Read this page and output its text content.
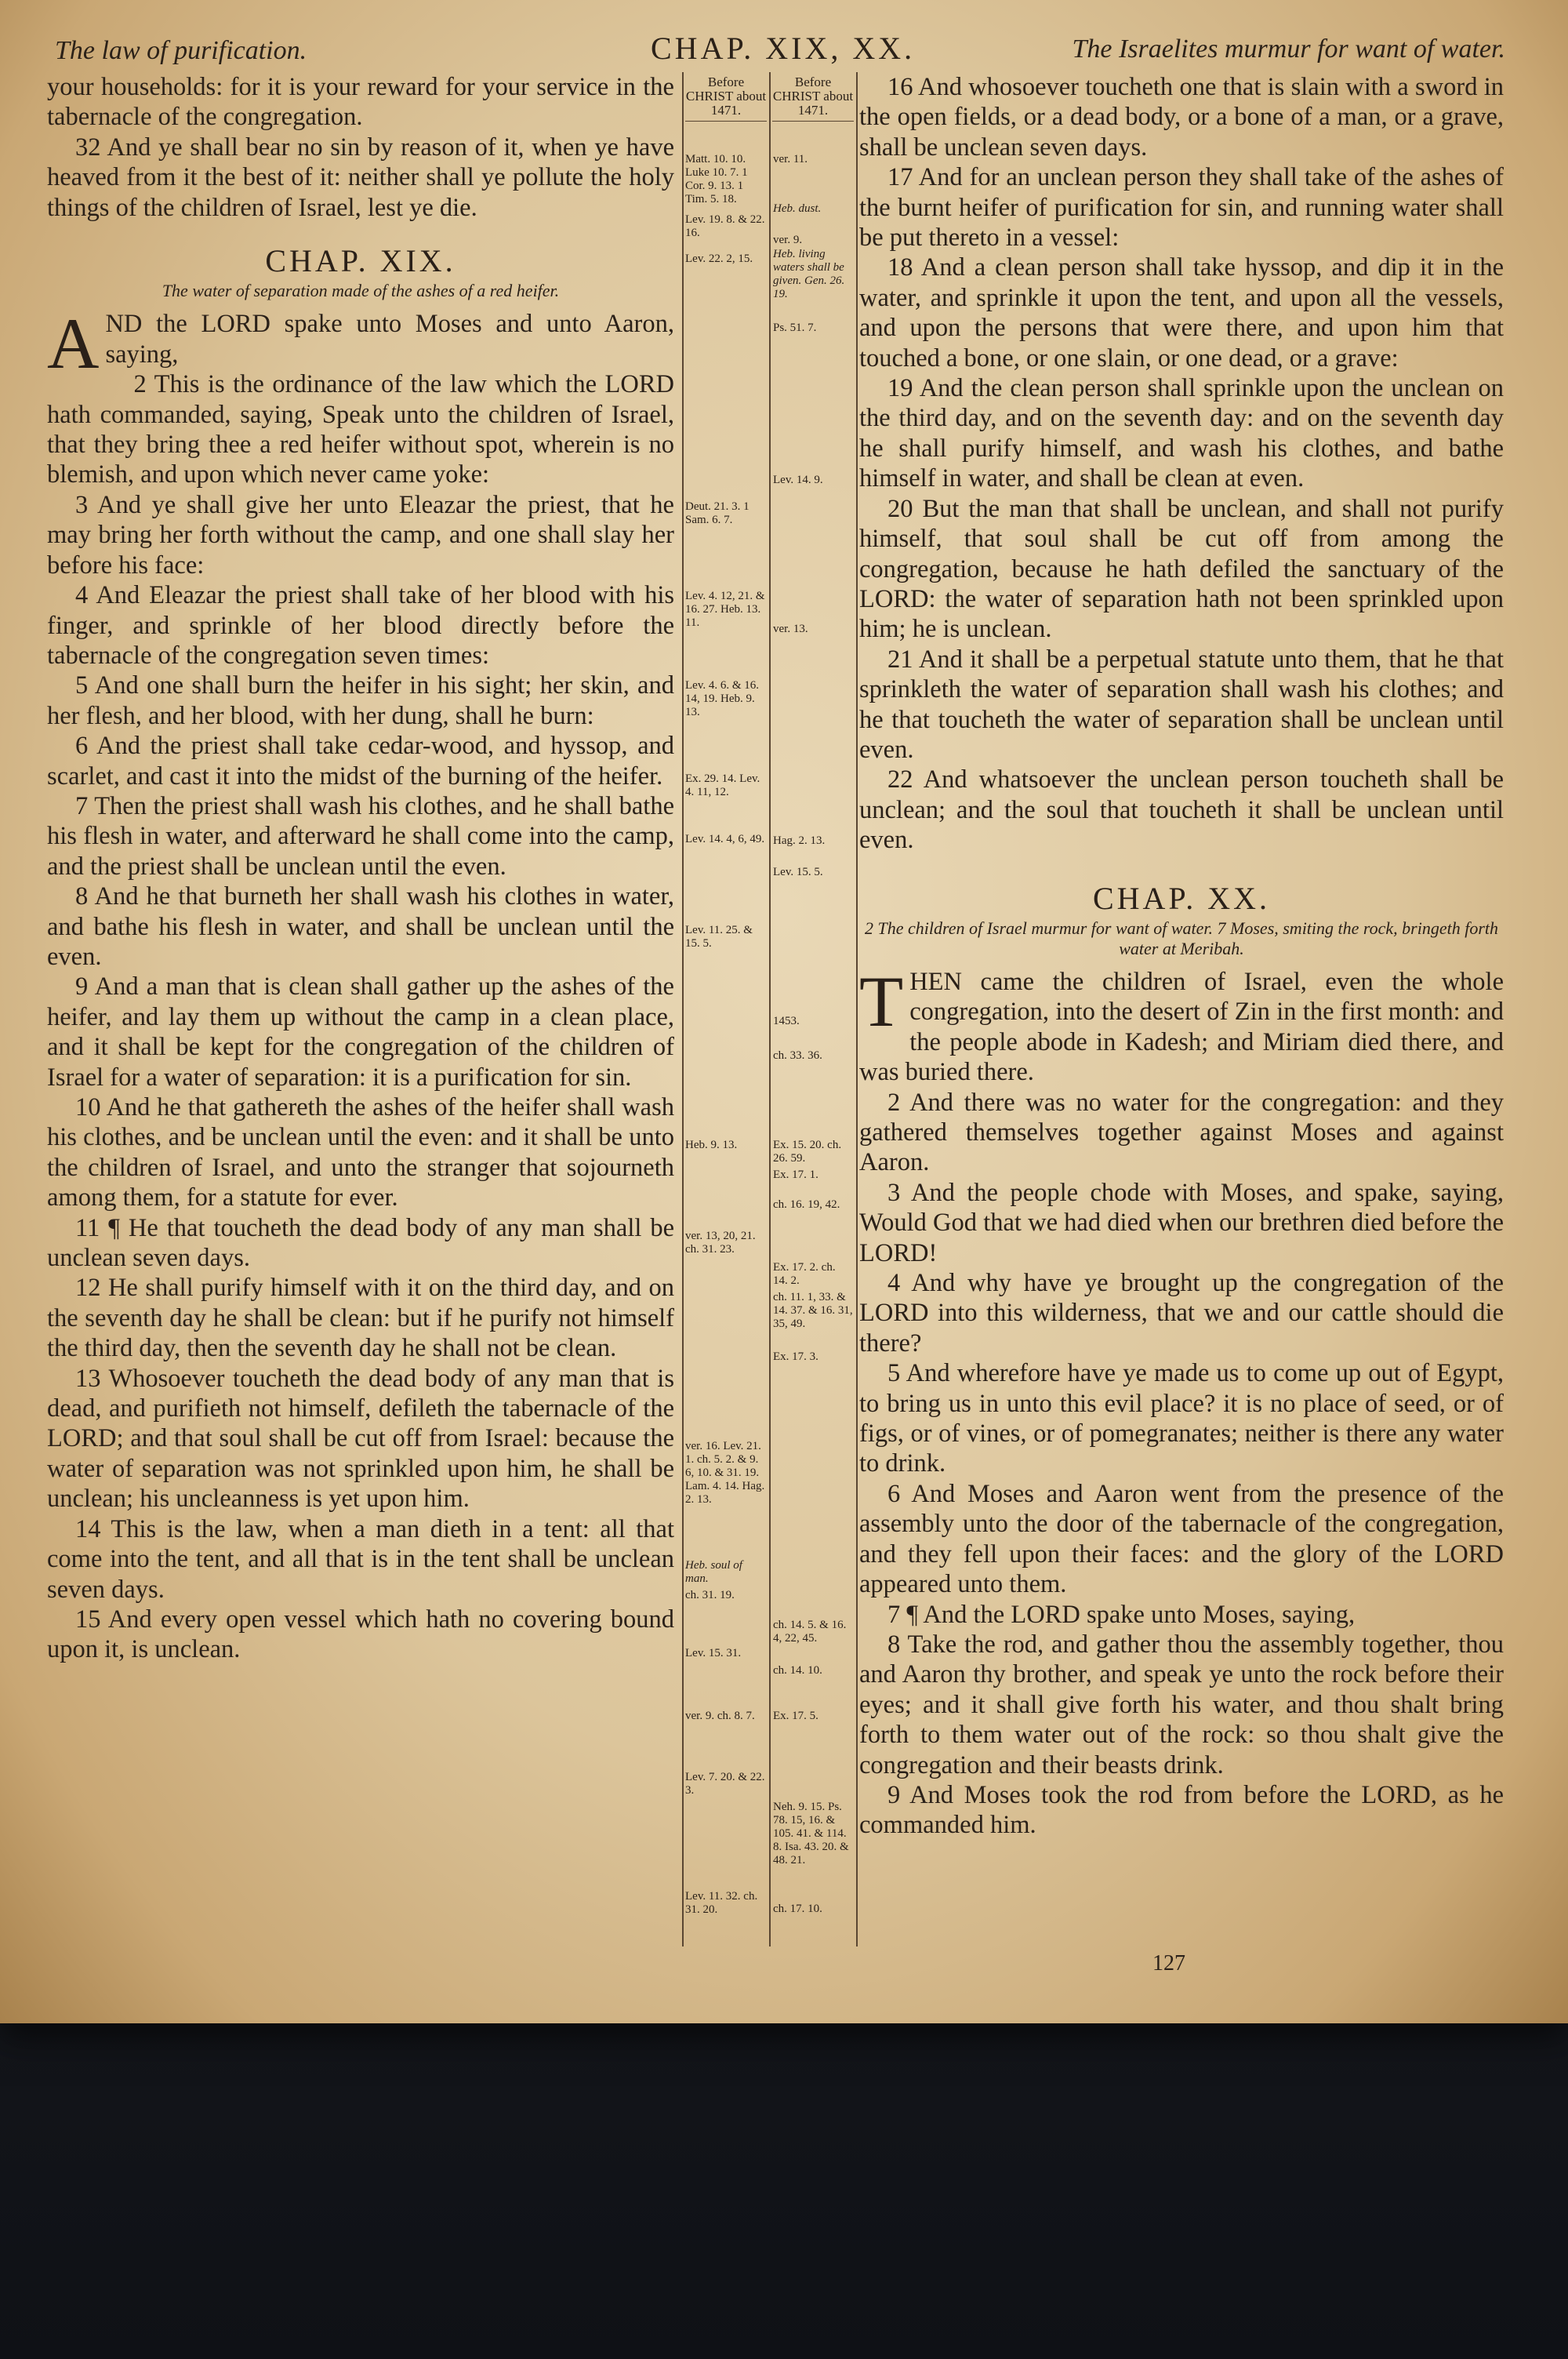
The law of purification.	CHAP. XIX, XX.	The Israelites murmur for want of water.

your households: for it is your reward for your service in the tabernacle of the congregation.

32 And ye shall bear no sin by reason of it, when ye have heaved from it the best of it: neither shall ye pollute the holy things of the children of Israel, lest ye die.

CHAP. XIX.
The water of separation made of the ashes of a red heifer.

A ND the LORD spake unto Moses and unto Aaron, saying,

2 This is the ordinance of the law which the LORD hath commanded, saying, Speak unto the children of Israel, that they bring thee a red heifer without spot, wherein is no blemish, and upon which never came yoke:

3 And ye shall give her unto Eleazar the priest, that he may bring her forth without the camp, and one shall slay her before his face:

4 And Eleazar the priest shall take of her blood with his finger, and sprinkle of her blood directly before the tabernacle of the congregation seven times:

5 And one shall burn the heifer in his sight; her skin, and her flesh, and her blood, with her dung, shall he burn:

6 And the priest shall take cedar-wood, and hyssop, and scarlet, and cast it into the midst of the burning of the heifer.

7 Then the priest shall wash his clothes, and he shall bathe his flesh in water, and afterward he shall come into the camp, and the priest shall be unclean until the even.

8 And he that burneth her shall wash his clothes in water, and bathe his flesh in water, and shall be unclean until the even.

9 And a man that is clean shall gather up the ashes of the heifer, and lay them up without the camp in a clean place, and it shall be kept for the congregation of the children of Israel for a water of separation: it is a purification for sin.

10 And he that gathereth the ashes of the heifer shall wash his clothes, and be unclean until the even: and it shall be unto the children of Israel, and unto the stranger that sojourneth among them, for a statute for ever.

11 ¶ He that toucheth the dead body of any man shall be unclean seven days.

12 He shall purify himself with it on the third day, and on the seventh day he shall be clean: but if he purify not himself the third day, then the seventh day he shall not be clean.

13 Whosoever toucheth the dead body of any man that is dead, and purifieth not himself, defileth the tabernacle of the LORD; and that soul shall be cut off from Israel: because the water of separation was not sprinkled upon him, he shall be unclean; his uncleanness is yet upon him.

14 This is the law, when a man dieth in a tent: all that come into the tent, and all that is in the tent shall be unclean seven days.

15 And every open vessel which hath no covering bound upon it, is unclean.

Before CHRIST about 1471.
Before CHRIST about 1471.
Matt. 10. 10. Luke 10. 7. 1 Cor. 9. 13. 1 Tim. 5. 18.
Lev. 19. 8. & 22. 16.
Lev. 22. 2, 15.
Deut. 21. 3. 1 Sam. 6. 7.
Lev. 4. 12, 21. & 16. 27. Heb. 13. 11.
Lev. 4. 6. & 16. 14, 19. Heb. 9. 13.
Ex. 29. 14. Lev. 4. 11, 12.
Lev. 14. 4, 6, 49.
Lev. 11. 25. & 15. 5.
Heb. 9. 13.
ver. 13, 20, 21. ch. 31. 23.
ver. 16. Lev. 21. 1. ch. 5. 2. & 9. 6, 10. & 31. 19. Lam. 4. 14. Hag. 2. 13.
Heb. soul of man.
ch. 31. 19.
Lev. 15. 31.
ver. 9. ch. 8. 7.
Lev. 7. 20. & 22. 3.
Lev. 11. 32. ch. 31. 20.
ver. 11.
Heb. dust.
ver. 9.
Heb. living waters shall be given. Gen. 26. 19.
Ps. 51. 7.
Lev. 14. 9.
ver. 13.
Hag. 2. 13.
Lev. 15. 5.
1453.
ch. 33. 36.
Ex. 15. 20. ch. 26. 59.
Ex. 17. 1.
ch. 16. 19, 42.
Ex. 17. 2. ch. 14. 2.
ch. 11. 1, 33. & 14. 37. & 16. 31, 35, 49.
Ex. 17. 3.
ch. 14. 5. & 16. 4, 22, 45.
ch. 14. 10.
Ex. 17. 5.
Neh. 9. 15. Ps. 78. 15, 16. & 105. 41. & 114. 8. Isa. 43. 20. & 48. 21.
ch. 17. 10.

16 And whosoever toucheth one that is slain with a sword in the open fields, or a dead body, or a bone of a man, or a grave, shall be unclean seven days.

17 And for an unclean person they shall take of the ashes of the burnt heifer of purification for sin, and running water shall be put thereto in a vessel:

18 And a clean person shall take hyssop, and dip it in the water, and sprinkle it upon the tent, and upon all the vessels, and upon the persons that were there, and upon him that touched a bone, or one slain, or one dead, or a grave:

19 And the clean person shall sprinkle upon the unclean on the third day, and on the seventh day: and on the seventh day he shall purify himself, and wash his clothes, and bathe himself in water, and shall be clean at even.

20 But the man that shall be unclean, and shall not purify himself, that soul shall be cut off from among the congregation, because he hath defiled the sanctuary of the LORD: the water of separation hath not been sprinkled upon him; he is unclean.

21 And it shall be a perpetual statute unto them, that he that sprinkleth the water of separation shall wash his clothes; and he that toucheth the water of separation shall be unclean until even.

22 And whatsoever the unclean person toucheth shall be unclean; and the soul that toucheth it shall be unclean until even.

CHAP. XX.
2 The children of Israel murmur for want of water. 7 Moses, smiting the rock, bringeth forth water at Meribah.

T HEN came the children of Israel, even the whole congregation, into the desert of Zin in the first month: and the people abode in Kadesh; and Miriam died there, and was buried there.

2 And there was no water for the congregation: and they gathered themselves together against Moses and against Aaron.

3 And the people chode with Moses, and spake, saying, Would God that we had died when our brethren died before the LORD!

4 And why have ye brought up the congregation of the LORD into this wilderness, that we and our cattle should die there?

5 And wherefore have ye made us to come up out of Egypt, to bring us in unto this evil place? it is no place of seed, or of figs, or of vines, or of pomegranates; neither is there any water to drink.

6 And Moses and Aaron went from the presence of the assembly unto the door of the tabernacle of the congregation, and they fell upon their faces: and the glory of the LORD appeared unto them.

7 ¶ And the LORD spake unto Moses, saying,

8 Take the rod, and gather thou the assembly together, thou and Aaron thy brother, and speak ye unto the rock before their eyes; and it shall give forth his water, and thou shalt bring forth to them water out of the rock: so thou shalt give the congregation and their beasts drink.

9 And Moses took the rod from before the LORD, as he commanded him.

127
